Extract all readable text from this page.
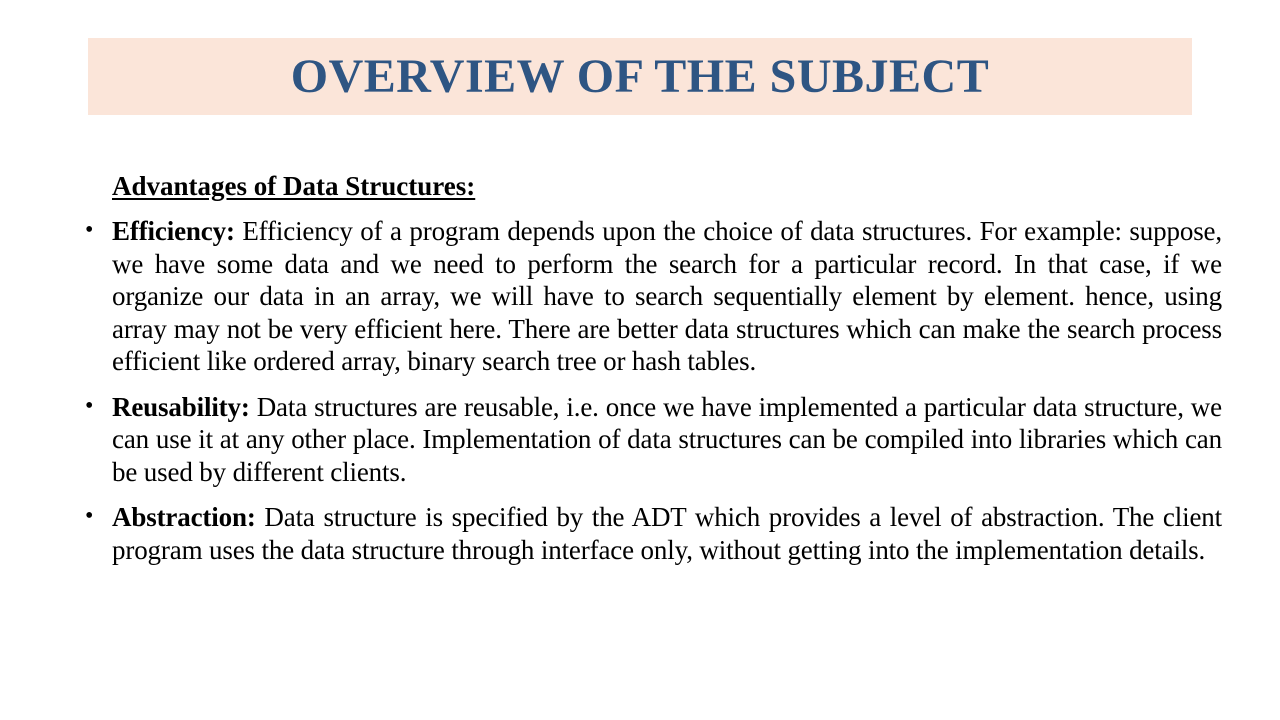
OVERVIEW OF THE SUBJECT
Advantages of Data Structures:
• Efficiency: Efficiency of a program depends upon the choice of data structures. For example: suppose, we have some data and we need to perform the search for a particular record. In that case, if we organize our data in an array, we will have to search sequentially element by element. hence, using array may not be very efficient here. There are better data structures which can make the search process efficient like ordered array, binary search tree or hash tables.
• Reusability: Data structures are reusable, i.e. once we have implemented a particular data structure, we can use it at any other place. Implementation of data structures can be compiled into libraries which can be used by different clients.
• Abstraction: Data structure is specified by the ADT which provides a level of abstraction. The client program uses the data structure through interface only, without getting into the implementation details.
